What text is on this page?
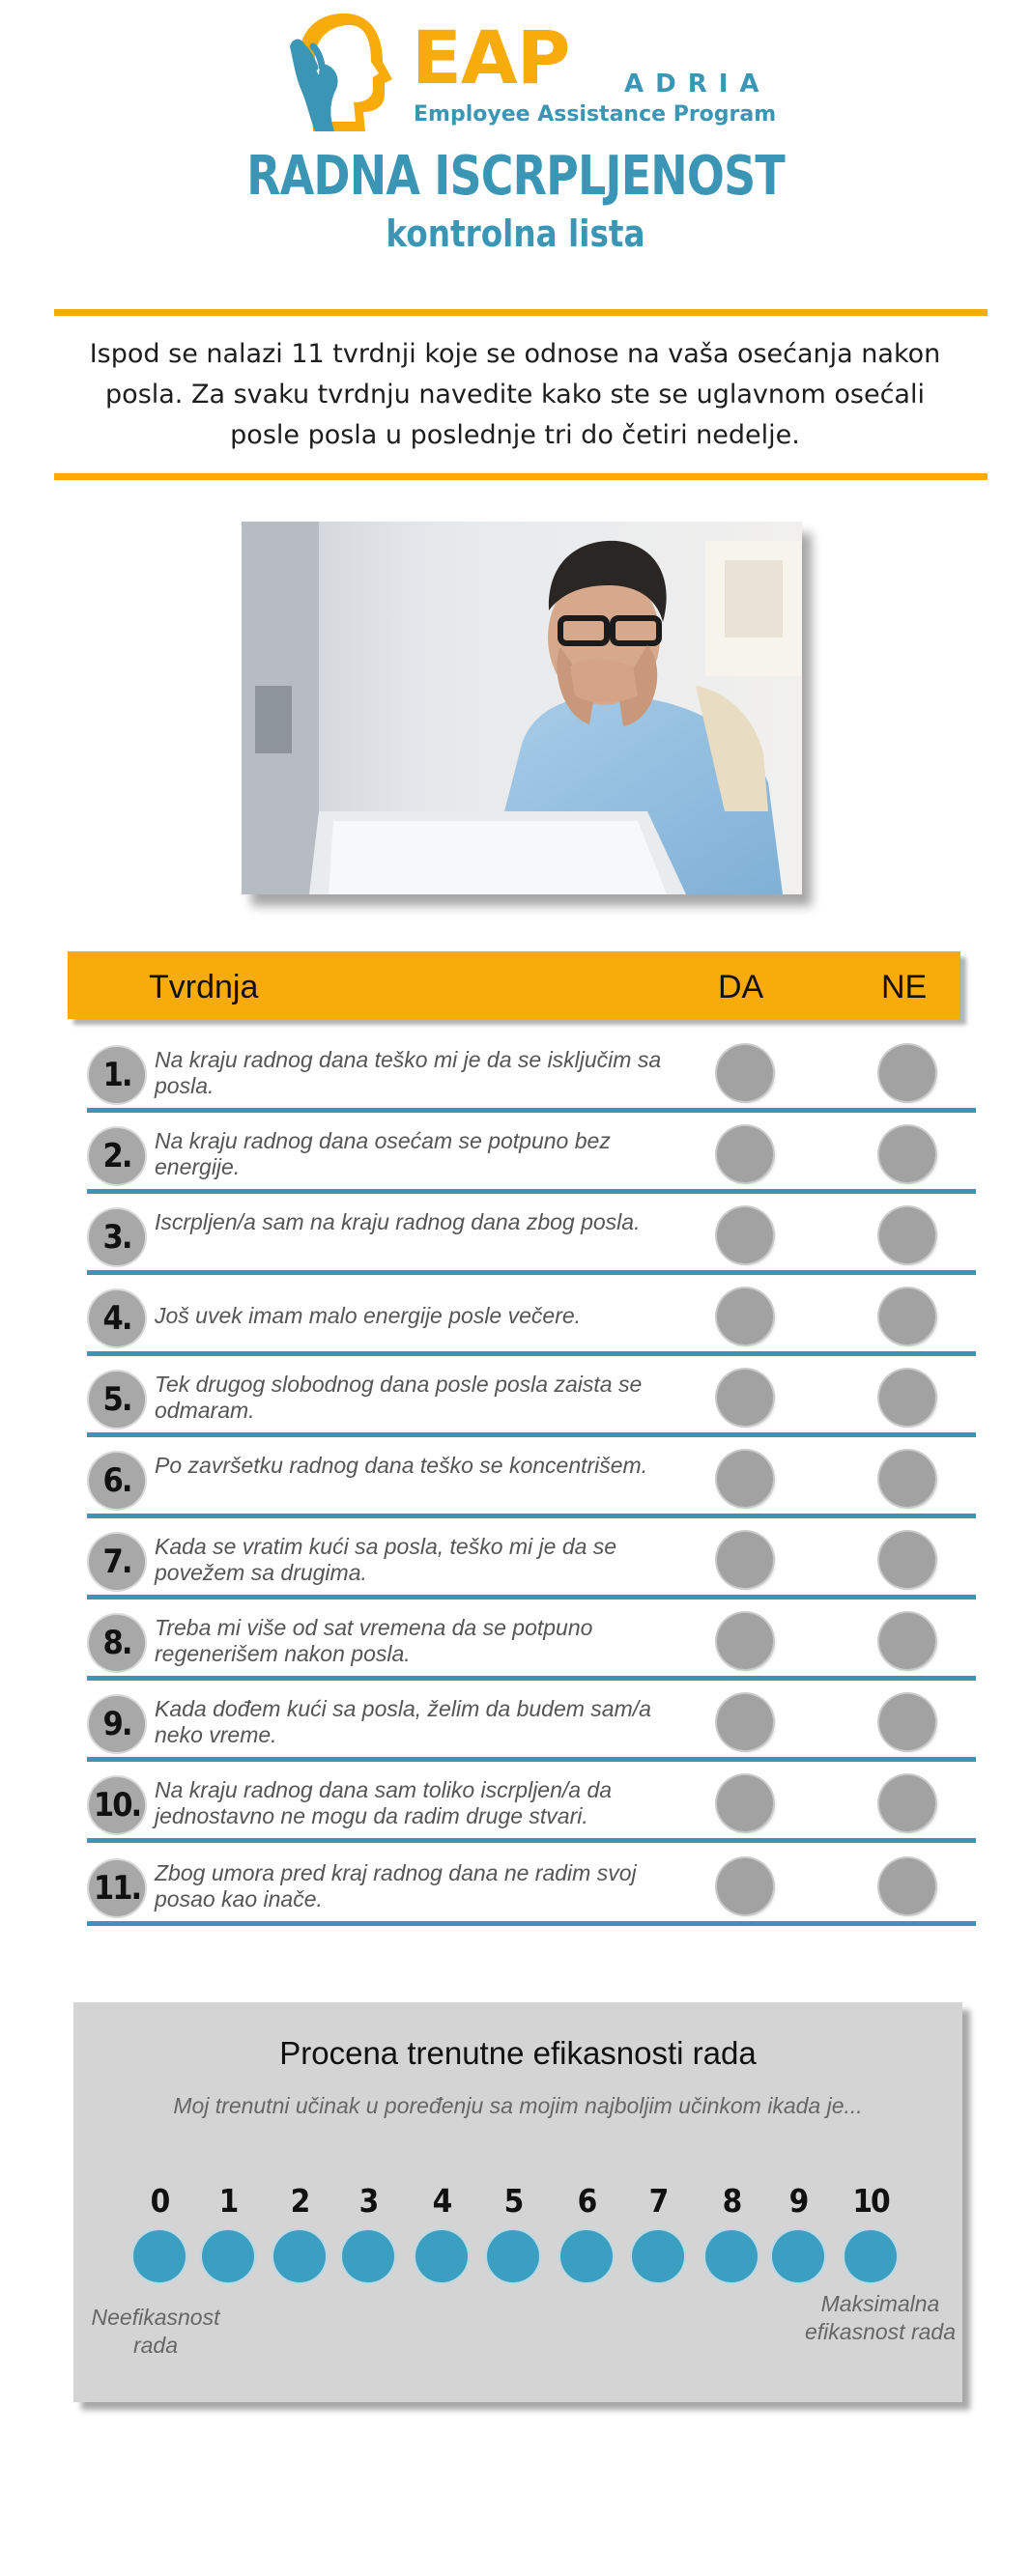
EAP ADRIA
Employee Assistance Program
RADNA ISCRPLJENOST
kontrolna lista
Ispod se nalazi 11 tvrdnji koje se odnose na vaša osećanja nakon posla. Za svaku tvrdnju navedite kako ste se uglavnom osećali posle posla u poslednje tri do četiri nedelje.
Tvrdnja	DA	NE
1.	Na kraju radnog dana teško mi je da se isključim sa posla.
2.	Na kraju radnog dana osećam se potpuno bez energije.
3.	Iscrpljen/a sam na kraju radnog dana zbog posla.
4.	Još uvek imam malo energije posle večere.
5.	Tek drugog slobodnog dana posle posla zaista se odmaram.
6.	Po završetku radnog dana teško se koncentrišem.
7.	Kada se vratim kući sa posla, teško mi je da se povežem sa drugima.
8.	Treba mi više od sat vremena da se potpuno regenerišem nakon posla.
9.	Kada dođem kući sa posla, želim da budem sam/a neko vreme.
10. Na kraju radnog dana sam toliko iscrpljen/a da jednostavno ne mogu da radim druge stvari.
11. Zbog umora pred kraj radnog dana ne radim svoj posao kao inače.
Procena trenutne efikasnosti rada
Moj trenutni učinak u poređenju sa mojim najboljim učinkom ikada je...
0	1	2	3	4	5	6	7	8	9	10
Neefikasnost rada
Maksimalna efikasnost rada
